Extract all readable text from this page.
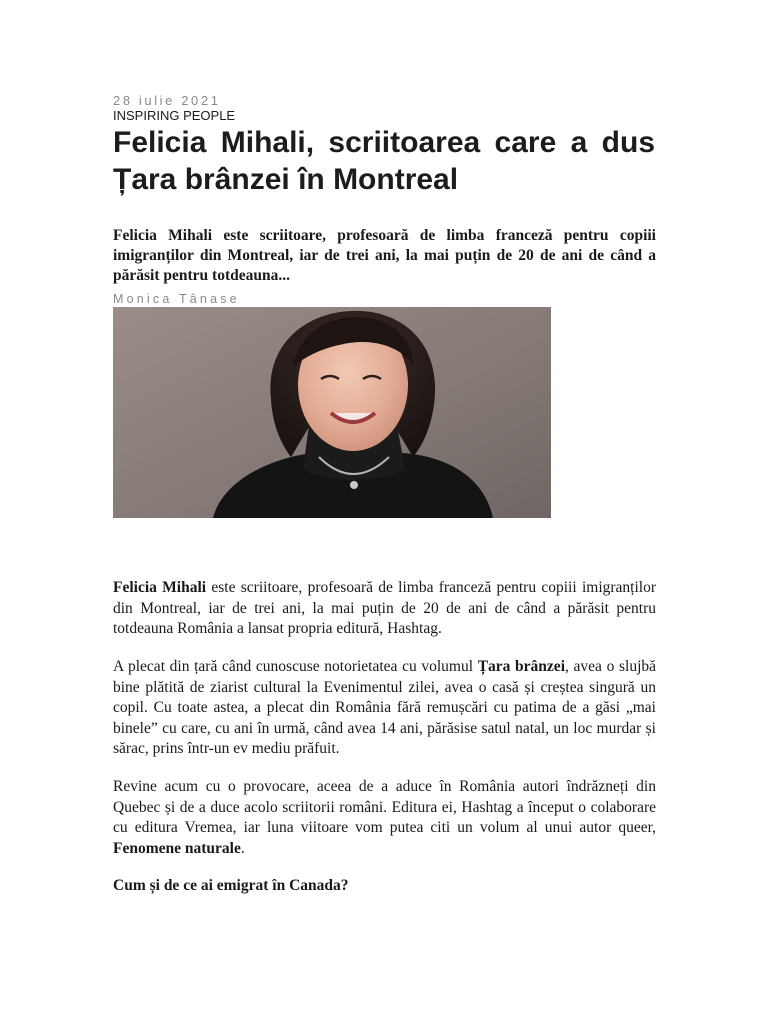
28 iulie 2021
INSPIRING PEOPLE
Felicia Mihali, scriitoarea care a dus
Țara brânzei în Montreal

Felicia Mihali este scriitoare, profesoară de limba franceză pentru copiii imigranților din Montreal, iar de trei ani, la mai puțin de 20 de ani de când a părăsit pentru totdeauna...

Monica Tânase

Felicia Mihali este scriitoare, profesoară de limba franceză pentru copiii imigranților din Montreal, iar de trei ani, la mai puțin de 20 de ani de când a părăsit pentru totdeauna România a lansat propria editură, Hashtag.

A plecat din țară când cunoscuse notorietatea cu volumul Țara brânzei, avea o slujbă bine plătită de ziarist cultural la Evenimentul zilei, avea o casă și creștea singură un copil. Cu toate astea, a plecat din România fără remușcări cu patima de a găsi „mai binele” cu care, cu ani în urmă, când avea 14 ani, părăsise satul natal, un loc murdar și sărac, prins într-un ev mediu prăfuit.

Revine acum cu o provocare, aceea de a aduce în România autori îndrăzneți din Quebec și de a duce acolo scriitorii români. Editura ei, Hashtag a început o colaborare cu editura Vremea, iar luna viitoare vom putea citi un volum al unui autor queer, Fenomene naturale.

Cum și de ce ai emigrat în Canada?
